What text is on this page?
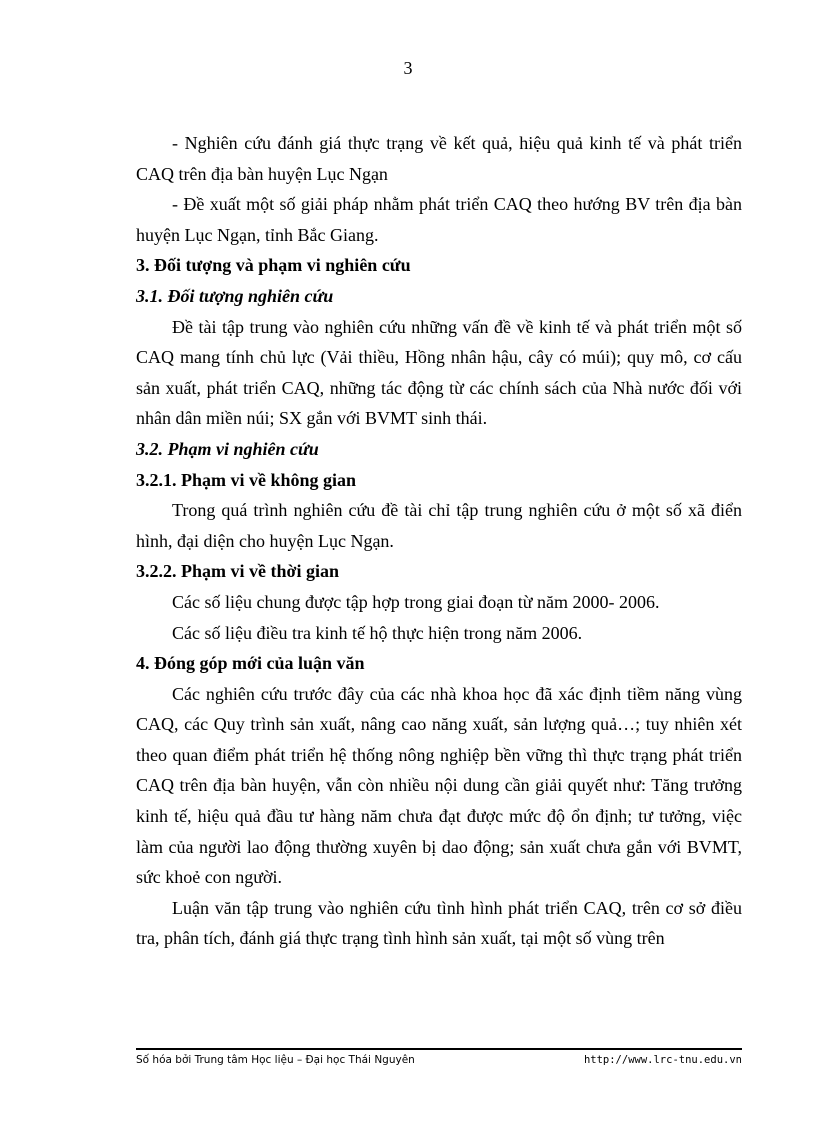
3

- Nghiên cứu đánh giá thực trạng về kết quả, hiệu quả kinh tế và phát triển CAQ trên địa bàn huyện Lục Ngạn

- Đề xuất một số giải pháp nhằm phát triển CAQ theo hướng BV trên địa bàn huyện Lục Ngạn, tỉnh Bắc Giang.

3. Đối tượng và phạm vi nghiên cứu

3.1. Đối tượng nghiên cứu

Đề tài tập trung vào nghiên cứu những vấn đề về kinh tế và phát triển một số CAQ mang tính chủ lực (Vải thiều, Hồng nhân hậu, cây có múi); quy mô, cơ cấu sản xuất, phát triển CAQ, những tác động từ các chính sách của Nhà nước đối với nhân dân miền núi; SX gắn với BVMT sinh thái.

3.2. Phạm vi nghiên cứu

3.2.1. Phạm vi về không gian

Trong quá trình nghiên cứu đề tài chỉ tập trung nghiên cứu ở một số xã điển hình, đại diện cho huyện Lục Ngạn.

3.2.2. Phạm vi về thời gian

Các số liệu chung được tập hợp trong giai đoạn từ năm 2000- 2006.

Các số liệu điều tra kinh tế hộ thực hiện trong năm 2006.

4. Đóng góp mới của luận văn

Các nghiên cứu trước đây của các nhà khoa học đã xác định tiềm năng vùng CAQ, các Quy trình sản xuất, nâng cao năng xuất, sản lượng quả…; tuy nhiên xét theo quan điểm phát triển hệ thống nông nghiệp bền vững thì thực trạng phát triển CAQ trên địa bàn huyện, vẫn còn nhiều nội dung cần giải quyết như: Tăng trưởng kinh tế, hiệu quả đầu tư hàng năm chưa đạt được mức độ ổn định; tư tưởng, việc làm của người lao động thường xuyên bị dao động; sản xuất chưa gắn với BVMT, sức khoẻ con người.

Luận văn tập trung vào nghiên cứu tình hình phát triển CAQ, trên cơ sở điều tra, phân tích, đánh giá thực trạng tình hình sản xuất, tại một số vùng trên

Số hóa bởi Trung tâm Học liệu – Đại học Thái Nguyên	http://www.lrc-tnu.edu.vn
